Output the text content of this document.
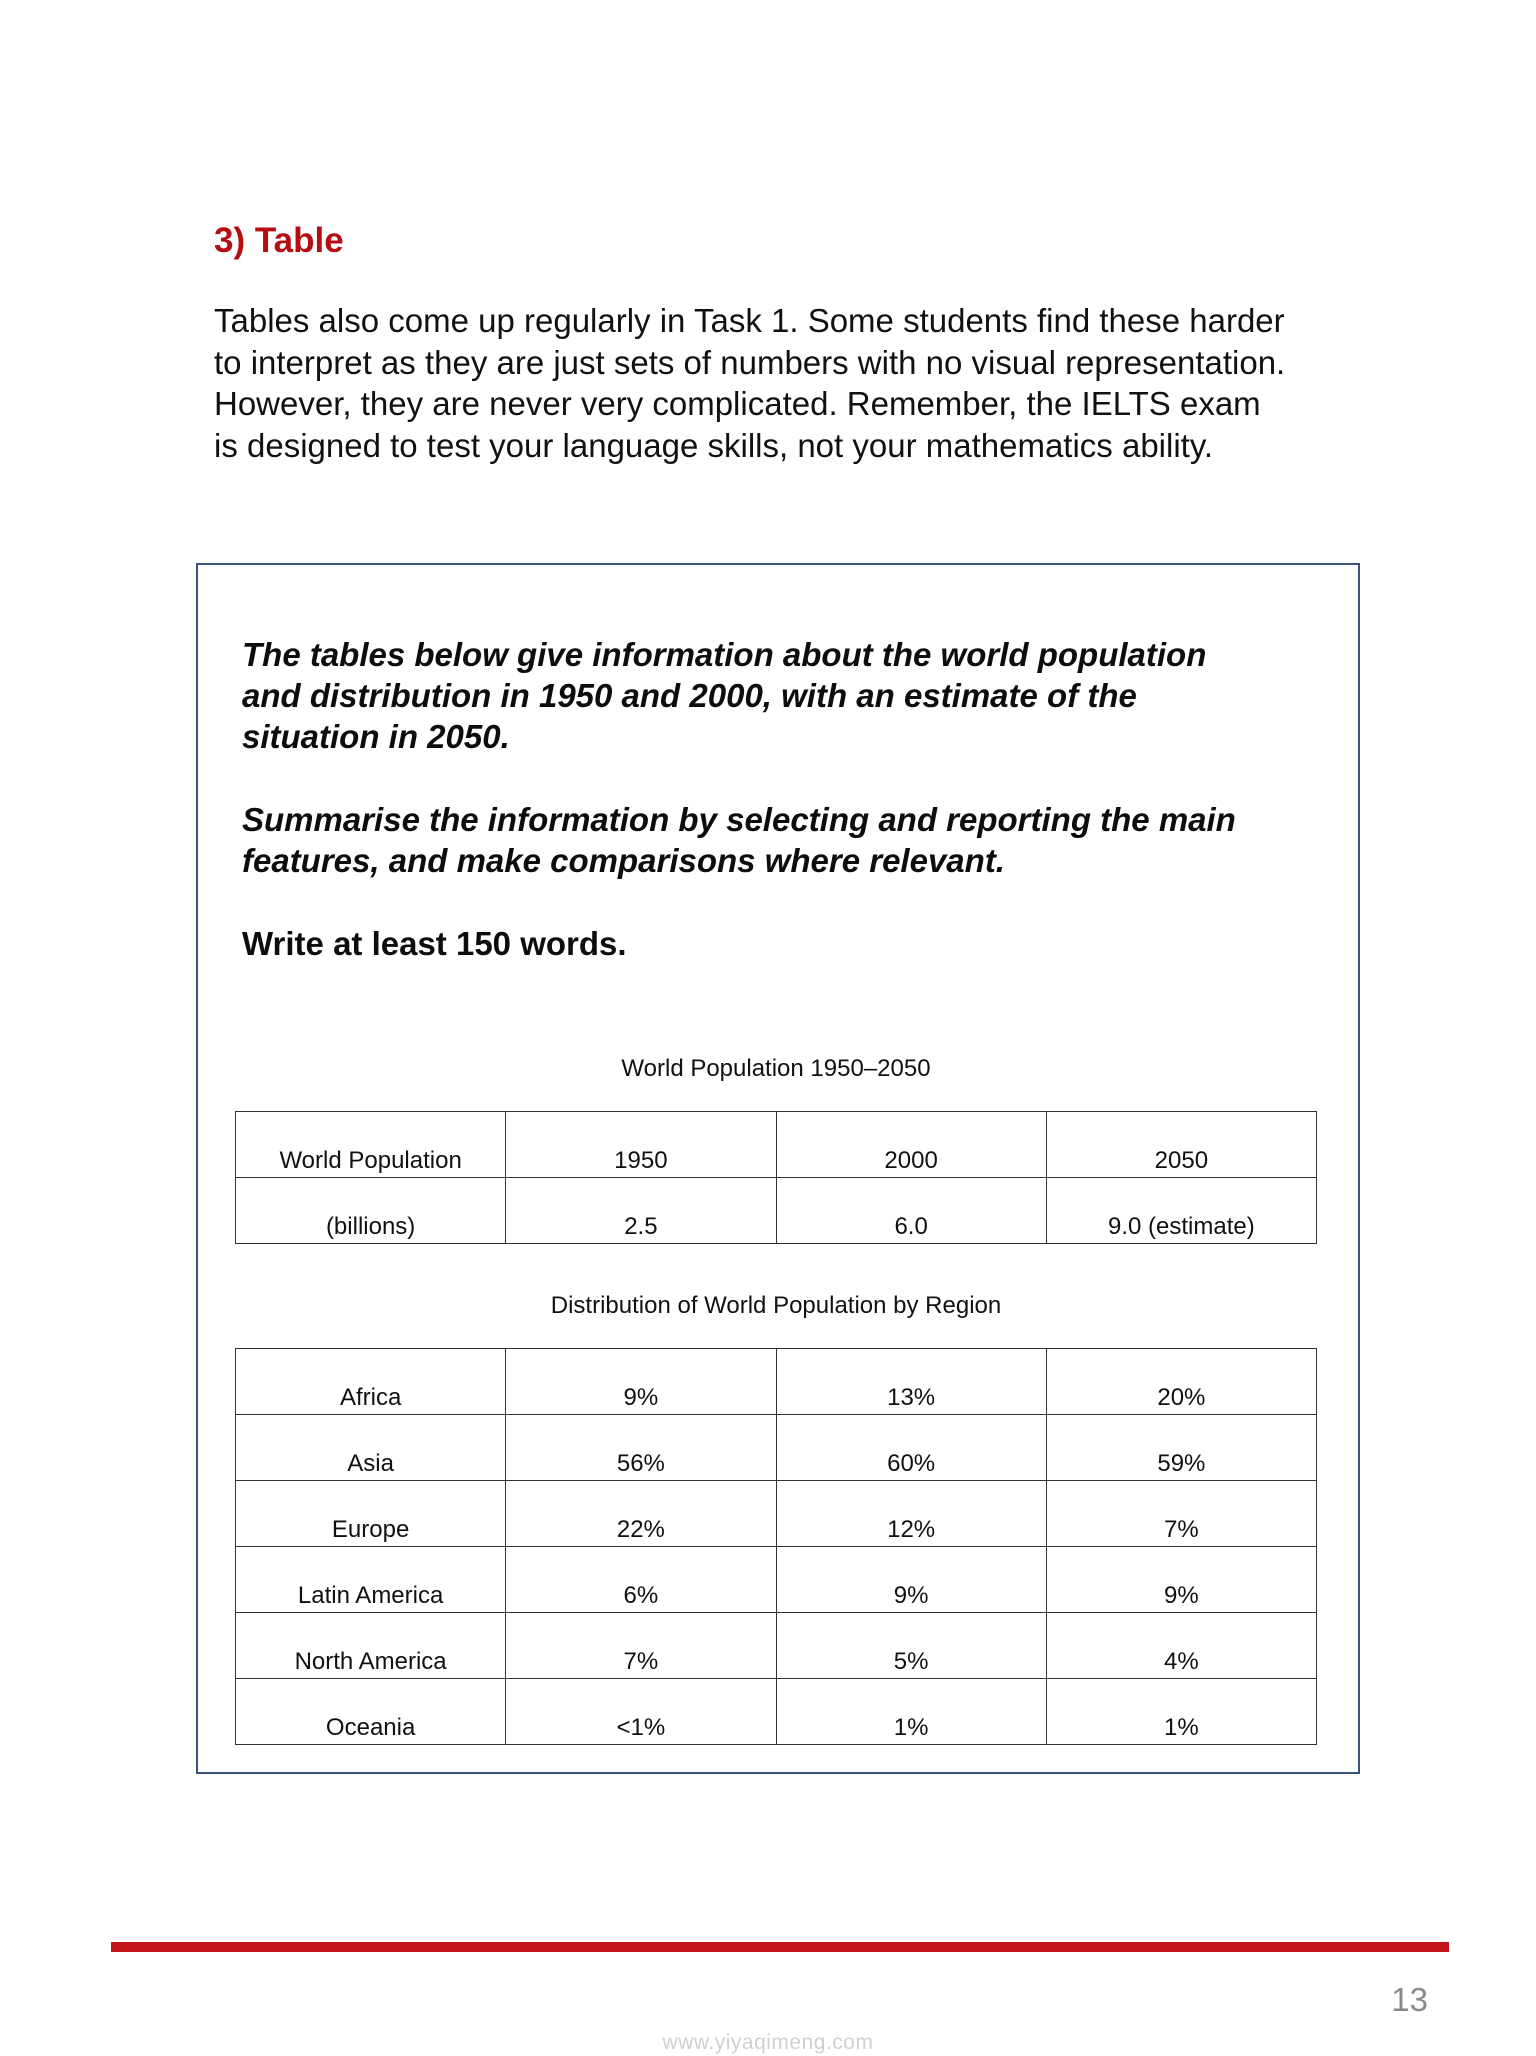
3) Table

Tables also come up regularly in Task 1. Some students find these harder
to interpret as they are just sets of numbers with no visual representation.
However, they are never very complicated. Remember, the IELTS exam
is designed to test your language skills, not your mathematics ability.

The tables below give information about the world population
and distribution in 1950 and 2000, with an estimate of the
situation in 2050.

Summarise the information by selecting and reporting the main
features, and make comparisons where relevant.

Write at least 150 words.

World Population 1950–2050

World Population	1950	2000	2050
(billions)	2.5	6.0	9.0 (estimate)

Distribution of World Population by Region

Africa	9%	13%	20%
Asia	56%	60%	59%
Europe	22%	12%	7%
Latin America	6%	9%	9%
North America	7%	5%	4%
Oceania	<1%	1%	1%

13

www.yiyaqimeng.com
